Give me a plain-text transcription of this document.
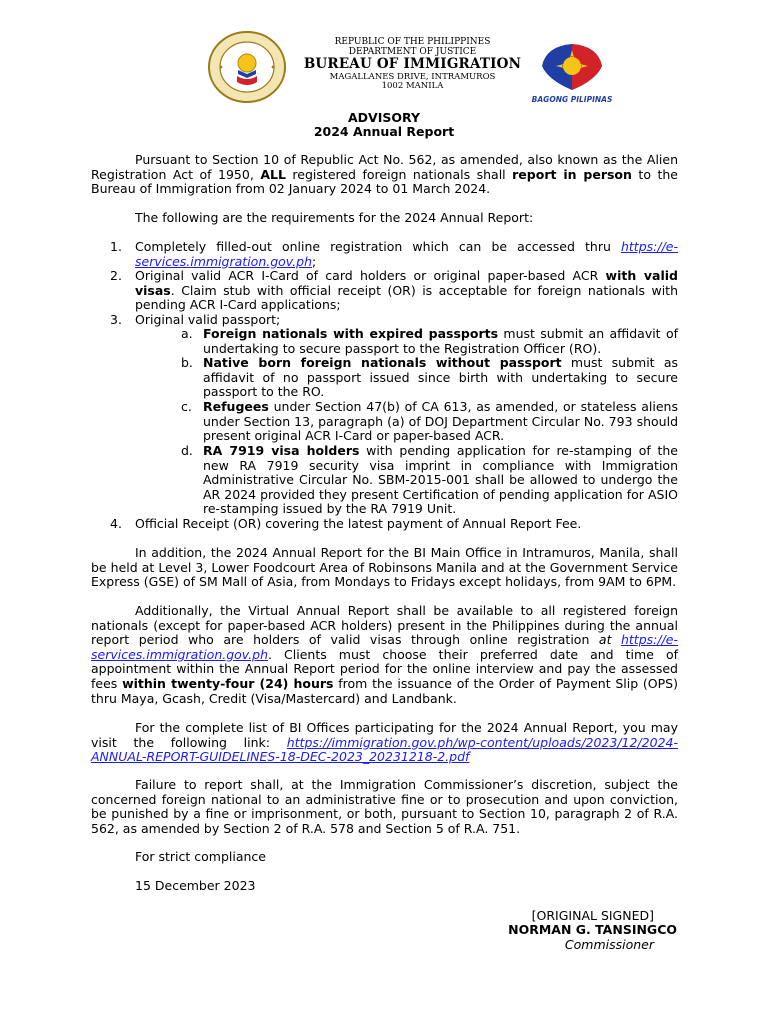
REPUBLIC OF THE PHILIPPINES
DEPARTMENT OF JUSTICE
BUREAU OF IMMIGRATION
MAGALLANES DRIVE, INTRAMUROS
1002 MANILA
BAGONG PILIPINAS
ADVISORY
2024 Annual Report

Pursuant to Section 10 of Republic Act No. 562, as amended, also known as the Alien Registration Act of 1950, ALL registered foreign nationals shall report in person to the Bureau of Immigration from 02 January 2024 to 01 March 2024.

The following are the requirements for the 2024 Annual Report:

1. Completely filled-out online registration which can be accessed thru https://e-services.immigration.gov.ph;

2. Original valid ACR I-Card of card holders or original paper-based ACR with valid visas. Claim stub with official receipt (OR) is acceptable for foreign nationals with pending ACR I-Card applications;

3. Original valid passport;

a. Foreign nationals with expired passports must submit an affidavit of undertaking to secure passport to the Registration Officer (RO).

b. Native born foreign nationals without passport must submit as affidavit of no passport issued since birth with undertaking to secure passport to the RO.

c. Refugees under Section 47(b) of CA 613, as amended, or stateless aliens under Section 13, paragraph (a) of DOJ Department Circular No. 793 should present original ACR I-Card or paper-based ACR.

d. RA 7919 visa holders with pending application for re-stamping of the new RA 7919 security visa imprint in compliance with Immigration Administrative Circular No. SBM-2015-001 shall be allowed to undergo the AR 2024 provided they present Certification of pending application for ASIO re-stamping issued by the RA 7919 Unit.

4. Official Receipt (OR) covering the latest payment of Annual Report Fee.

In addition, the 2024 Annual Report for the BI Main Office in Intramuros, Manila, shall be held at Level 3, Lower Foodcourt Area of Robinsons Manila and at the Government Service Express (GSE) of SM Mall of Asia, from Mondays to Fridays except holidays, from 9AM to 6PM.

Additionally, the Virtual Annual Report shall be available to all registered foreign nationals (except for paper-based ACR holders) present in the Philippines during the annual report period who are holders of valid visas through online registration at https://e-services.immigration.gov.ph. Clients must choose their preferred date and time of appointment within the Annual Report period for the online interview and pay the assessed fees within twenty-four (24) hours from the issuance of the Order of Payment Slip (OPS) thru Maya, Gcash, Credit (Visa/Mastercard) and Landbank.

For the complete list of BI Offices participating for the 2024 Annual Report, you may visit the following link: https://immigration.gov.ph/wp-content/uploads/2023/12/2024-ANNUAL-REPORT-GUIDELINES-18-DEC-2023_20231218-2.pdf

Failure to report shall, at the Immigration Commissioner’s discretion, subject the concerned foreign national to an administrative fine or to prosecution and upon conviction, be punished by a fine or imprisonment, or both, pursuant to Section 10, paragraph 2 of R.A. 562, as amended by Section 2 of R.A. 578 and Section 5 of R.A. 751.

For strict compliance

15 December 2023

[ORIGINAL SIGNED]
NORMAN G. TANSINGCO
Commissioner
